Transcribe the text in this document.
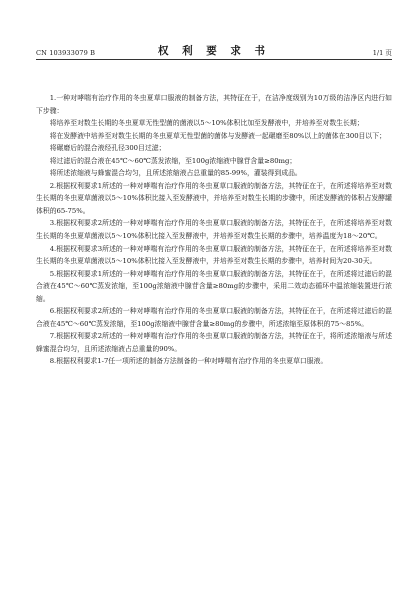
CN 103933079 B	权 利 要 求 书	1/1 页

1.一种对哮喘有治疗作用的冬虫夏草口服液的制备方法，其特征在于，在洁净度级别为10万级的洁净区内进行如下步骤：

将培养至对数生长期的冬虫夏草无性型菌的菌液以5～10%体积比加至发酵液中，并培养至对数生长期；

将在发酵液中培养至对数生长期的冬虫夏草无性型菌的菌体与发酵液一起碾磨至80%以上的菌体在300目以下；

将碾磨后的混合液经孔径300目过滤；

将过滤后的混合液在45℃～60℃蒸发浓缩，至100g浓缩液中腺苷含量≥80mg；

将所述浓缩液与蜂蜜混合均匀，且所述浓缩液占总重量的85-99%，灌装得到成品。

2.根据权利要求1所述的一种对哮喘有治疗作用的冬虫夏草口服液的制备方法，其特征在于，在所述将培养至对数生长期的冬虫夏草菌液以5～10%体积比接入至发酵液中，并培养至对数生长期的步骤中，所述发酵液的体积占发酵罐体积的65-75%。

3.根据权利要求2所述的一种对哮喘有治疗作用的冬虫夏草口服液的制备方法，其特征在于，在所述将培养至对数生长期的冬虫夏草菌液以5～10%体积比接入至发酵液中，并培养至对数生长期的步骤中，培养温度为18～20℃。

4.根据权利要求3所述的一种对哮喘有治疗作用的冬虫夏草口服液的制备方法，其特征在于，在所述将培养至对数生长期的冬虫夏草菌液以5～10%体积比接入至发酵液中，并培养至对数生长期的步骤中，培养时间为20-30天。

5.根据权利要求1所述的一种对哮喘有治疗作用的冬虫夏草口服液的制备方法，其特征在于，在所述将过滤后的混合液在45℃～60℃蒸发浓缩，至100g浓缩液中腺苷含量≥80mg的步骤中，采用二效动态循环中温浓缩装置进行浓缩。

6.根据权利要求2所述的一种对哮喘有治疗作用的冬虫夏草口服液的制备方法，其特征在于，在所述将过滤后的混合液在45℃～60℃蒸发浓缩，至100g浓缩液中腺苷含量≥80mg的步骤中，所述浓缩至原体积的75～85%。

7.根据权利要求2所述的一种对哮喘有治疗作用的冬虫夏草口服液的制备方法，其特征在于，将所述浓缩液与所述蜂蜜混合均匀，且所述浓缩液占总重量的90%。

8.根据权利要求1-7任一项所述的制备方法制备的一种对哮喘有治疗作用的冬虫夏草口服液。
